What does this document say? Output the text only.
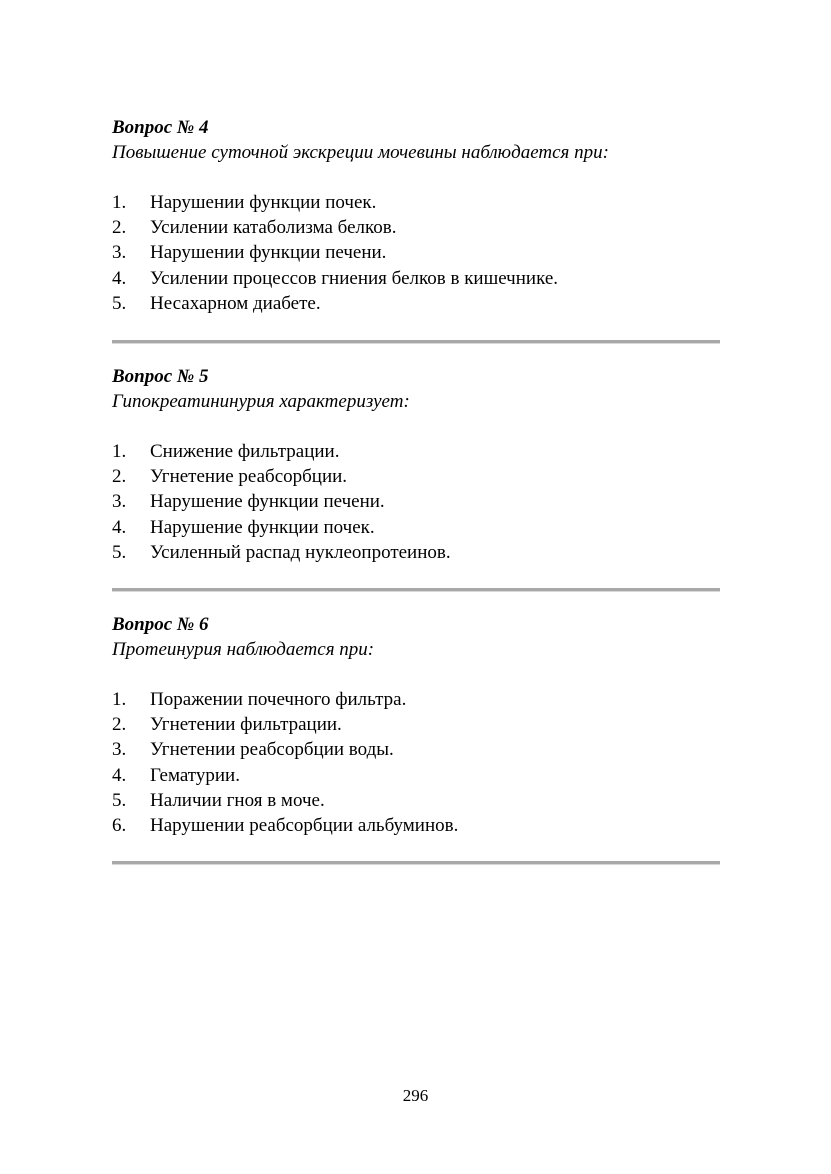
Вопрос № 4

Повышение суточной экскреции мочевины наблюдается при:

1.	Нарушении функции почек.
2.	Усилении катаболизма белков.
3.	Нарушении функции печени.
4.	Усилении процессов гниения белков в кишечнике.
5.	Несахарном диабете.

Вопрос № 5

Гипокреатининурия характеризует:

1.	Снижение фильтрации.
2.	Угнетение реабсорбции.
3.	Нарушение функции печени.
4.	Нарушение функции почек.
5.	Усиленный распад нуклеопротеинов.

Вопрос № 6

Протеинурия наблюдается при:

1.	Поражении почечного фильтра.
2.	Угнетении фильтрации.
3.	Угнетении реабсорбции воды.
4.	Гематурии.
5.	Наличии гноя в моче.
6.	Нарушении реабсорбции альбуминов.
296
